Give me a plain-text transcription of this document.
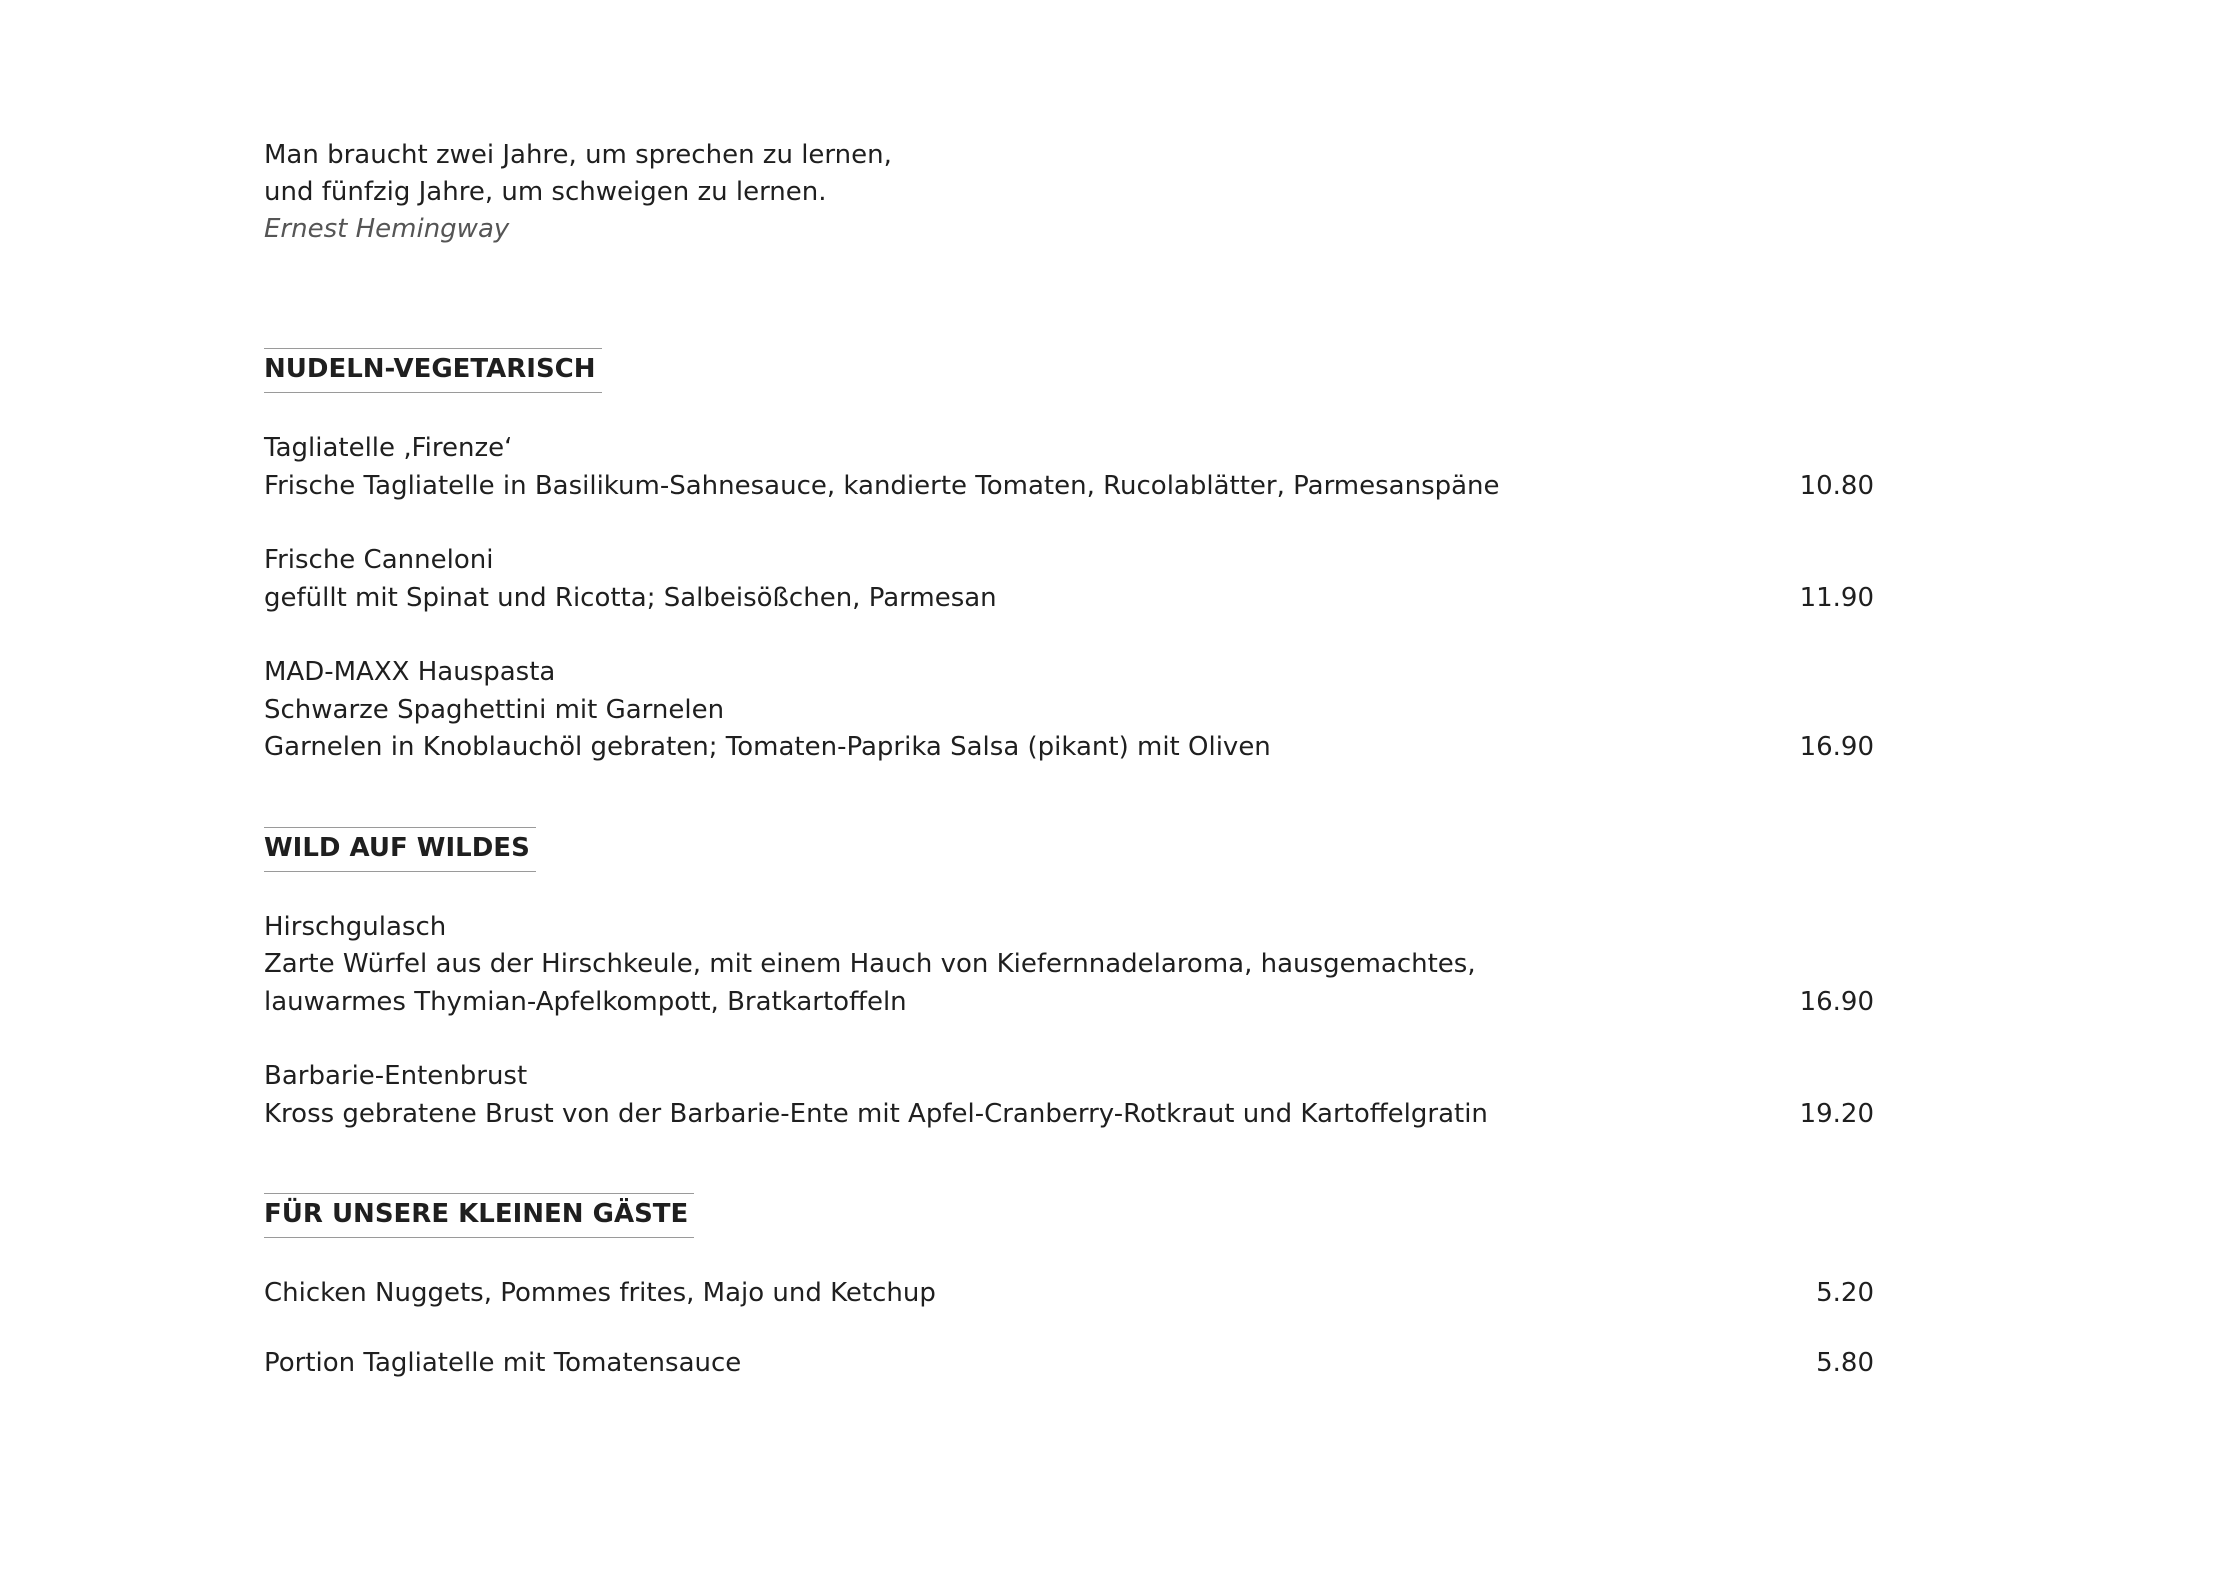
Man braucht zwei Jahre, um sprechen zu lernen,
und fünfzig Jahre, um schweigen zu lernen.
Ernest Hemingway
NUDELN-VEGETARISCH
Tagliatelle ‚Firenze‘
Frische Tagliatelle in Basilikum-Sahnesauce, kandierte Tomaten, Rucolablätter, Parmesanspäne	10.80
Frische Canneloni
gefüllt mit Spinat und Ricotta; Salbeisößchen, Parmesan	11.90
MAD-MAXX Hauspasta
Schwarze Spaghettini mit Garnelen
Garnelen in Knoblauchöl gebraten; Tomaten-Paprika Salsa (pikant) mit Oliven	16.90
WILD AUF WILDES
Hirschgulasch
Zarte Würfel aus der Hirschkeule, mit einem Hauch von Kiefernnadelaroma, hausgemachtes,
lauwarmes Thymian-Apfelkompott, Bratkartoffeln	16.90
Barbarie-Entenbrust
Kross gebratene Brust von der Barbarie-Ente mit Apfel-Cranberry-Rotkraut und Kartoffelgratin	19.20
FÜR UNSERE KLEINEN GÄSTE
Chicken Nuggets, Pommes frites, Majo und Ketchup	5.20
Portion Tagliatelle mit Tomatensauce	5.80
